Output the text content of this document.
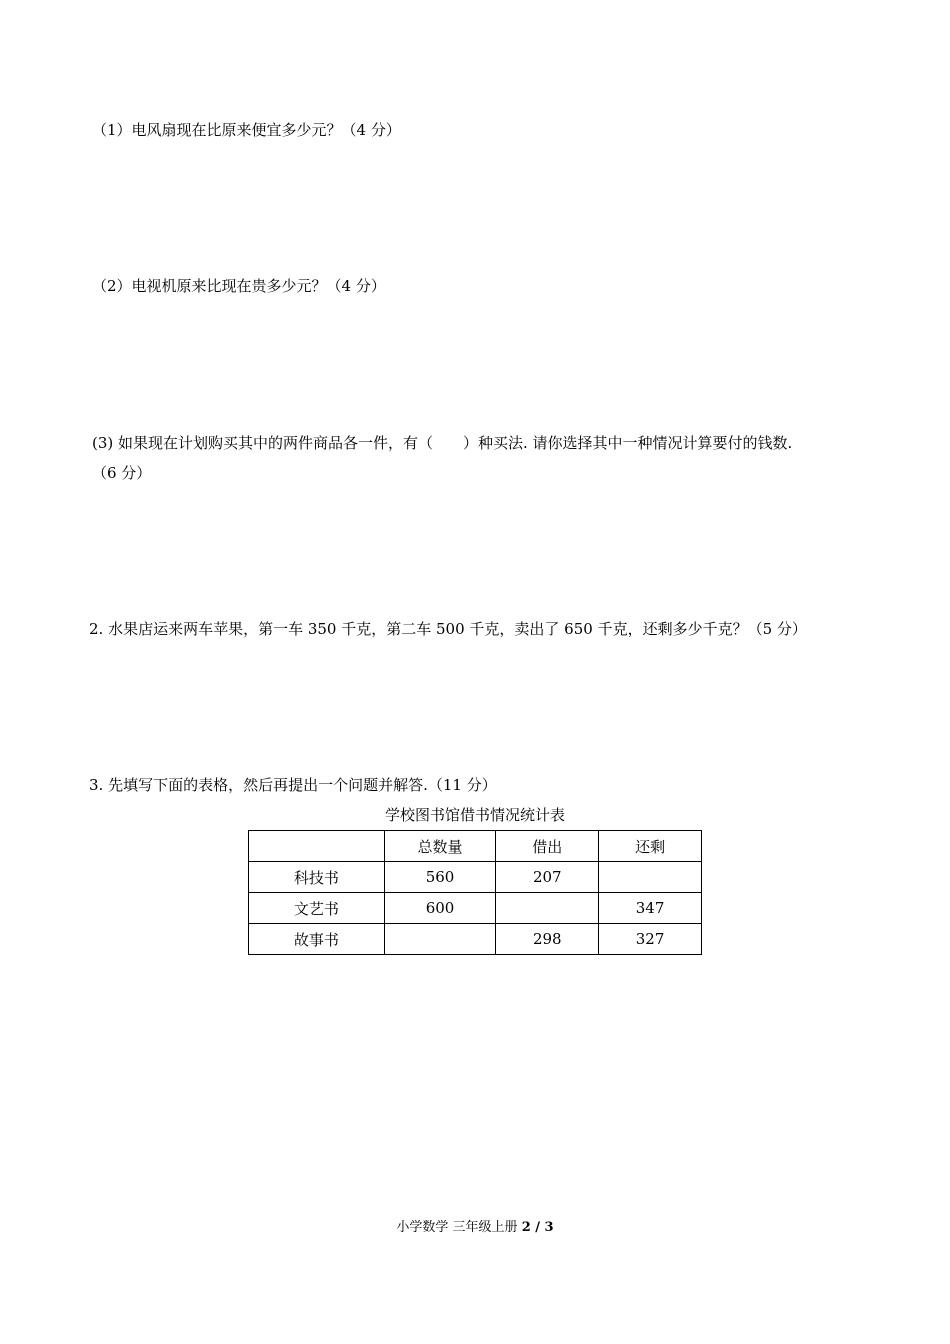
（1）电风扇现在比原来便宜多少元？（4 分）
（2）电视机原来比现在贵多少元？（4 分）
(3) 如果现在计划购买其中的两件商品各一件，有（　　）种买法. 请你选择其中一种情况计算要付的钱数.
（6 分）
2. 水果店运来两车苹果，第一车 350 千克，第二车 500 千克，卖出了 650 千克，还剩多少千克？（5 分）
3. 先填写下面的表格，然后再提出一个问题并解答.（11 分）
学校图书馆借书情况统计表
	总数量	借出	还剩
科技书	560	207	
文艺书	600		347
故事书		298	327
小学数学 三年级上册 2 / 3
